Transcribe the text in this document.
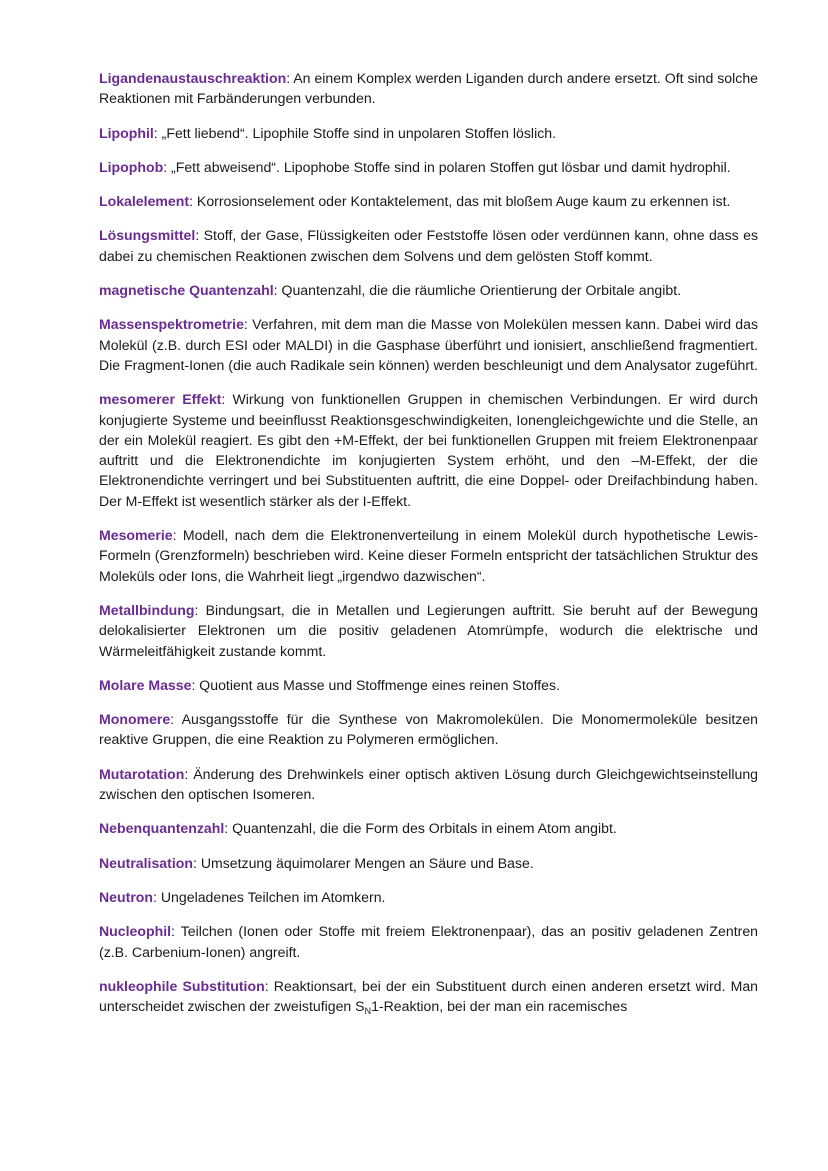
Ligandenaustauschreaktion: An einem Komplex werden Liganden durch andere ersetzt. Oft sind solche Reaktionen mit Farbänderungen verbunden.

Lipophil: „Fett liebend“. Lipophile Stoffe sind in unpolaren Stoffen löslich.

Lipophob: „Fett abweisend“. Lipophobe Stoffe sind in polaren Stoffen gut lösbar und damit hydrophil.

Lokalelement: Korrosionselement oder Kontaktelement, das mit bloßem Auge kaum zu erkennen ist.

Lösungsmittel: Stoff, der Gase, Flüssigkeiten oder Feststoffe lösen oder verdünnen kann, ohne dass es dabei zu chemischen Reaktionen zwischen dem Solvens und dem gelösten Stoff kommt.

magnetische Quantenzahl: Quantenzahl, die die räumliche Orientierung der Orbitale angibt.

Massenspektrometrie: Verfahren, mit dem man die Masse von Molekülen messen kann. Dabei wird das Molekül (z.B. durch ESI oder MALDI) in die Gasphase überführt und ionisiert, anschließend fragmentiert. Die Fragment-Ionen (die auch Radikale sein können) werden beschleunigt und dem Analysator zugeführt.

mesomerer Effekt: Wirkung von funktionellen Gruppen in chemischen Verbindungen. Er wird durch konjugierte Systeme und beeinflusst Reaktionsgeschwindigkeiten, Ionengleichgewichte und die Stelle, an der ein Molekül reagiert. Es gibt den +M-Effekt, der bei funktionellen Gruppen mit freiem Elektronenpaar auftritt und die Elektronendichte im konjugierten System erhöht, und den –M-Effekt, der die Elektronendichte verringert und bei Substituenten auftritt, die eine Doppel- oder Dreifachbindung haben. Der M-Effekt ist wesentlich stärker als der I-Effekt.

Mesomerie: Modell, nach dem die Elektronenverteilung in einem Molekül durch hypothetische Lewis-Formeln (Grenzformeln) beschrieben wird. Keine dieser Formeln entspricht der tatsächlichen Struktur des Moleküls oder Ions, die Wahrheit liegt „irgendwo dazwischen“.

Metallbindung: Bindungsart, die in Metallen und Legierungen auftritt. Sie beruht auf der Bewegung delokalisierter Elektronen um die positiv geladenen Atomrümpfe, wodurch die elektrische und Wärmeleitfähigkeit zustande kommt.

Molare Masse: Quotient aus Masse und Stoffmenge eines reinen Stoffes.

Monomere: Ausgangsstoffe für die Synthese von Makromolekülen. Die Monomermoleküle besitzen reaktive Gruppen, die eine Reaktion zu Polymeren ermöglichen.

Mutarotation: Änderung des Drehwinkels einer optisch aktiven Lösung durch Gleichgewichtseinstellung zwischen den optischen Isomeren.

Nebenquantenzahl: Quantenzahl, die die Form des Orbitals in einem Atom angibt.

Neutralisation: Umsetzung äquimolarer Mengen an Säure und Base.

Neutron: Ungeladenes Teilchen im Atomkern.

Nucleophil: Teilchen (Ionen oder Stoffe mit freiem Elektronenpaar), das an positiv geladenen Zentren (z.B. Carbenium-Ionen) angreift.

nukleophile Substitution: Reaktionsart, bei der ein Substituent durch einen anderen ersetzt wird. Man unterscheidet zwischen der zweistufigen $S_N1$-Reaktion, bei der man ein racemisches
